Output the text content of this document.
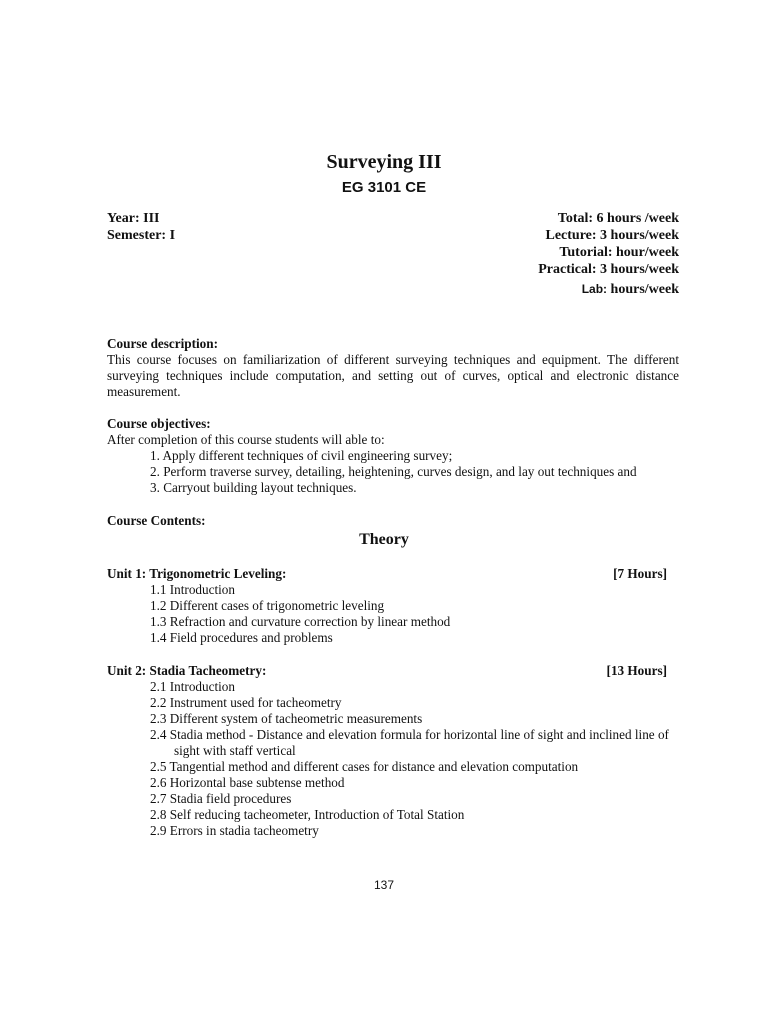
Surveying III
EG 3101 CE
Year: III
Semester: I
Total: 6 hours /week
Lecture: 3 hours/week
Tutorial: hour/week
Practical: 3 hours/week
Lab: hours/week
Course description:

This course focuses on familiarization of different surveying techniques and equipment. The different surveying techniques include computation, and setting out of curves, optical and electronic distance measurement.

Course objectives:

After completion of this course students will able to:

1. Apply different techniques of civil engineering survey;
2. Perform traverse survey, detailing, heightening, curves design, and lay out techniques and
3. Carryout building layout techniques.
Course Contents:
Theory
Unit 1: Trigonometric Leveling:	[7 Hours]
1.1 Introduction
1.2 Different cases of trigonometric leveling
1.3 Refraction and curvature correction by linear method
1.4 Field procedures and problems
Unit 2: Stadia Tacheometry:	[13 Hours]
2.1 Introduction
2.2 Instrument used for tacheometry
2.3 Different system of tacheometric measurements
2.4 Stadia method - Distance and elevation formula for horizontal line of sight and inclined line of sight with staff vertical
2.5 Tangential method and different cases for distance and elevation computation
2.6 Horizontal base subtense method
2.7 Stadia field procedures
2.8 Self reducing tacheometer, Introduction of Total Station
2.9 Errors in stadia tacheometry
137
